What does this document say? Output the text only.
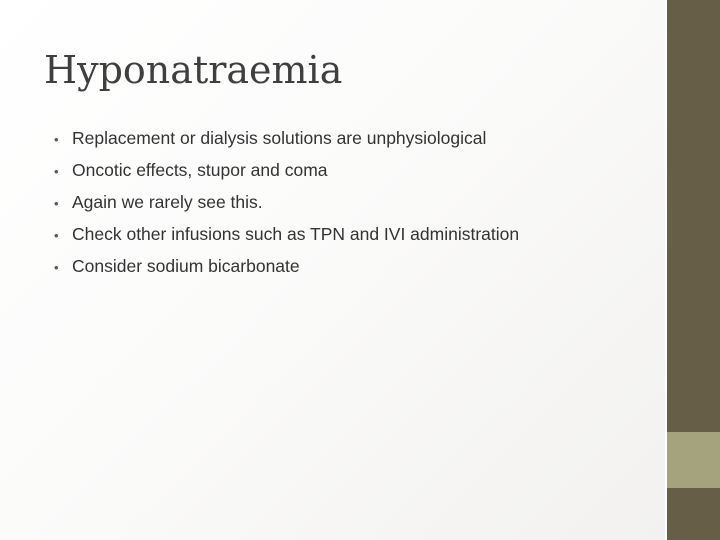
Hyponatraemia
• Replacement or dialysis solutions are unphysiological
• Oncotic effects, stupor and coma
• Again we rarely see this.
• Check other infusions such as TPN and IVI administration
• Consider sodium bicarbonate
